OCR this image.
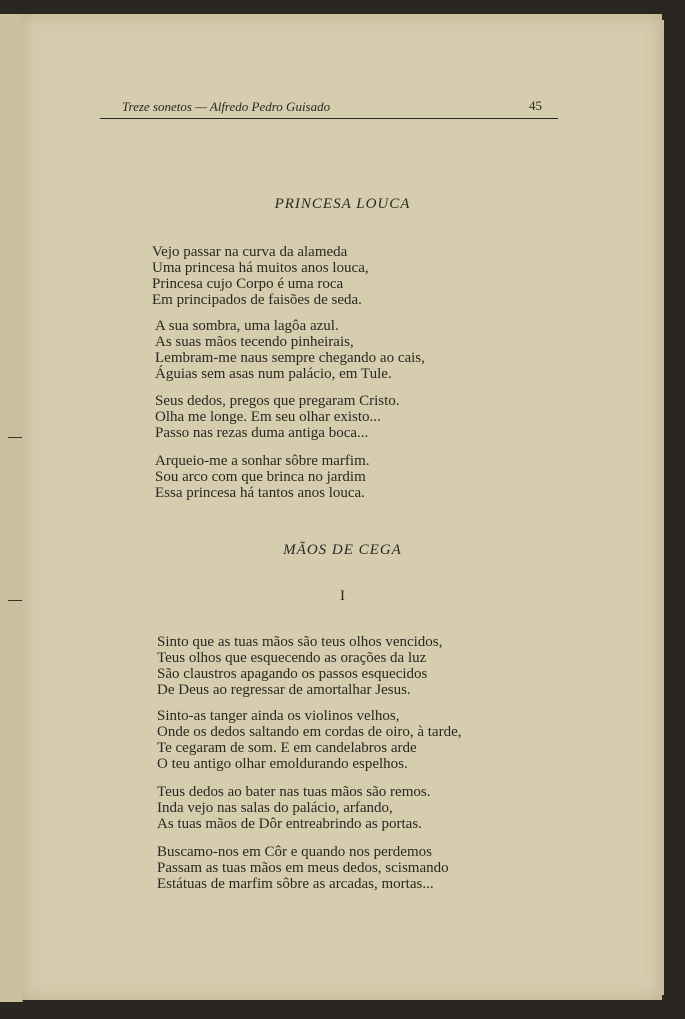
Treze sonetos — Alfredo Pedro Guisado	45
PRINCESA LOUCA
Vejo passar na curva da alameda
Uma princesa há muitos anos louca,
Princesa cujo Corpo é uma roca
Em principados de faisões de seda.
A sua sombra, uma lagôa azul.
As suas mãos tecendo pinheirais,
Lembram-me naus sempre chegando ao cais,
Águias sem asas num palácio, em Tule.
Seus dedos, pregos que pregaram Cristo.
Olha me longe. Em seu olhar existo...
Passo nas rezas duma antiga boca...
Arqueio-me a sonhar sôbre marfim.
Sou arco com que brinca no jardim
Essa princesa há tantos anos louca.
MÃOS DE CEGA
I
Sinto que as tuas mãos são teus olhos vencidos,
Teus olhos que esquecendo as orações da luz
São claustros apagando os passos esquecidos
De Deus ao regressar de amortalhar Jesus.
Sinto-as tanger ainda os violinos velhos,
Onde os dedos saltando em cordas de oiro, à tarde,
Te cegaram de som. E em candelabros arde
O teu antigo olhar emoldurando espelhos.
Teus dedos ao bater nas tuas mãos são remos.
Inda vejo nas salas do palácio, arfando,
As tuas mãos de Dôr entreabrindo as portas.
Buscamo-nos em Côr e quando nos perdemos
Passam as tuas mãos em meus dedos, scismando
Estátuas de marfim sôbre as arcadas, mortas...
